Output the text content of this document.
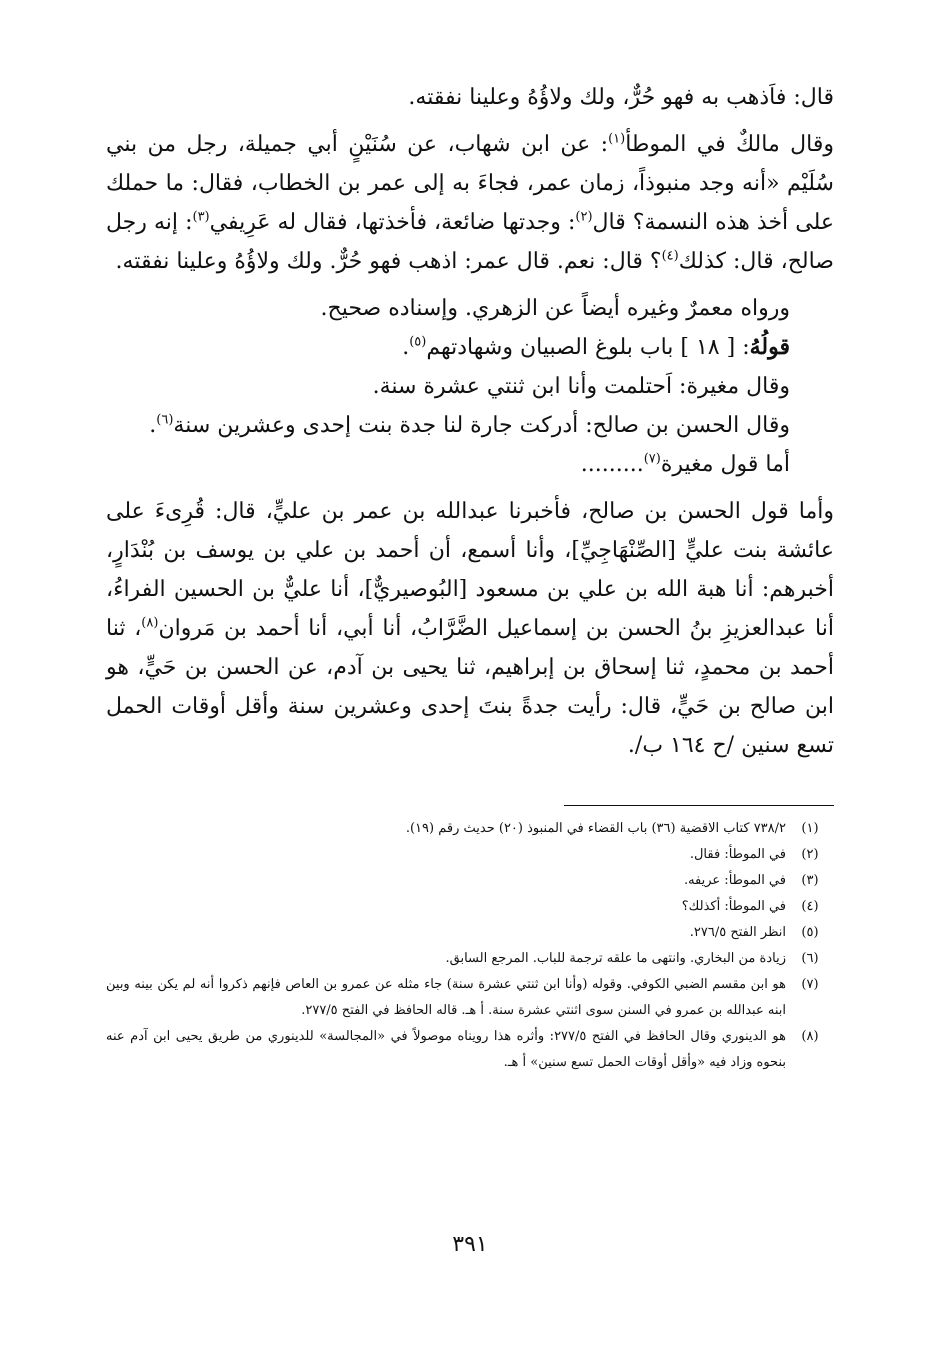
قال: فاَذهب به فهو حُرٌّ، ولك ولاؤُهُ وعلينا نفقته.

وقال مالكٌ في الموطأ$^{(١)}$: عن ابن شهاب، عن سُنَيْنٍ أبي جميلة، رجل من بني سُلَيْم «أنه وجد منبوذاً، زمان عمر، فجاءَ به إلى عمر بن الخطاب، فقال: ما حملك على أخذ هذه النسمة؟ قال$^{(٢)}$: وجدتها ضائعة، فأخذتها، فقال له عَرِيفي$^{(٣)}$: إنه رجل صالح، قال: كذلك$^{(٤)}$؟ قال: نعم. قال عمر: اذهب فهو حُرٌّ. ولك ولاؤُهُ وعلينا نفقته.

ورواه معمرٌ وغيره أيضاً عن الزهري. وإسناده صحيح.

قولُهُ: [ ١٨ ] باب بلوغ الصبيان وشهادتهم$^{(٥)}$.

وقال مغيرة: اَحتلمت وأنا ابن ثنتي عشرة سنة.

وقال الحسن بن صالح: أدركت جارة لنا جدة بنت إحدى وعشرين سنة$^{(٦)}$.

أما قول مغيرة$^{(٧)}$.........

وأما قول الحسن بن صالح، فأخبرنا عبدالله بن عمر بن عليٍّ، قال: قُرِىءَ على عائشة بنت عليٍّ [الصِّنْهَاجِيِّ]، وأنا أسمع، أن أحمد بن علي بن يوسف بن بُنْدَارٍ، أخبرهم: أنا هبة الله بن علي بن مسعود [البُوصيريٌّ]، أنا عليٌّ بن الحسين الفراءُ، أنا عبدالعزيزِ بنُ الحسن بن إسماعيل الضَّرَّابُ، أنا أبي، أنا أحمد بن مَروان$^{(٨)}$، ثنا أحمد بن محمدٍ، ثنا إسحاق بن إبراهيم، ثنا يحيى بن آدم، عن الحسن بن حَيٍّ، هو ابن صالح بن حَيٍّ، قال: رأيت جدةً بنتَ إحدى وعشرين سنة وأقل أوقات الحمل تسع سنين /ح ١٦٤ ب/.

(١)
٧٣٨/٢ كتاب الاقضية (٣٦) باب القضاء في المنبوذ (٢٠) حديث رقم (١٩).
(٢)
في الموطأ: فقال.
(٣)
في الموطأ: عريفه.
(٤)
في الموطأ: أكذلك؟
(٥)
انظر الفتح ٢٧٦/٥.
(٦)
زيادة من البخاري. وانتهى ما علقه ترجمة للباب. المرجع السابق.
(٧)
هو ابن مقسم الضبي الكوفي. وقوله (وأنا ابن ثنتي عشرة سنة) جاء مثله عن عمرو بن العاص فإنهم ذكروا أنه لم يكن بينه وبين ابنه عبدالله بن عمرو في السنن سوى اثنتي عشرة سنة. أ هـ. قاله الحافظ في الفتح ٢٧٧/٥.
(٨)
هو الدينوري وقال الحافظ في الفتح ٢٧٧/٥: وأثره هذا رويناه موصولاً في «المجالسة» للدينوري من طريق يحيى ابن آدم عنه بنحوه وزاد فيه «وأقل أوقات الحمل تسع سنين» أ هـ.
٣٩١
